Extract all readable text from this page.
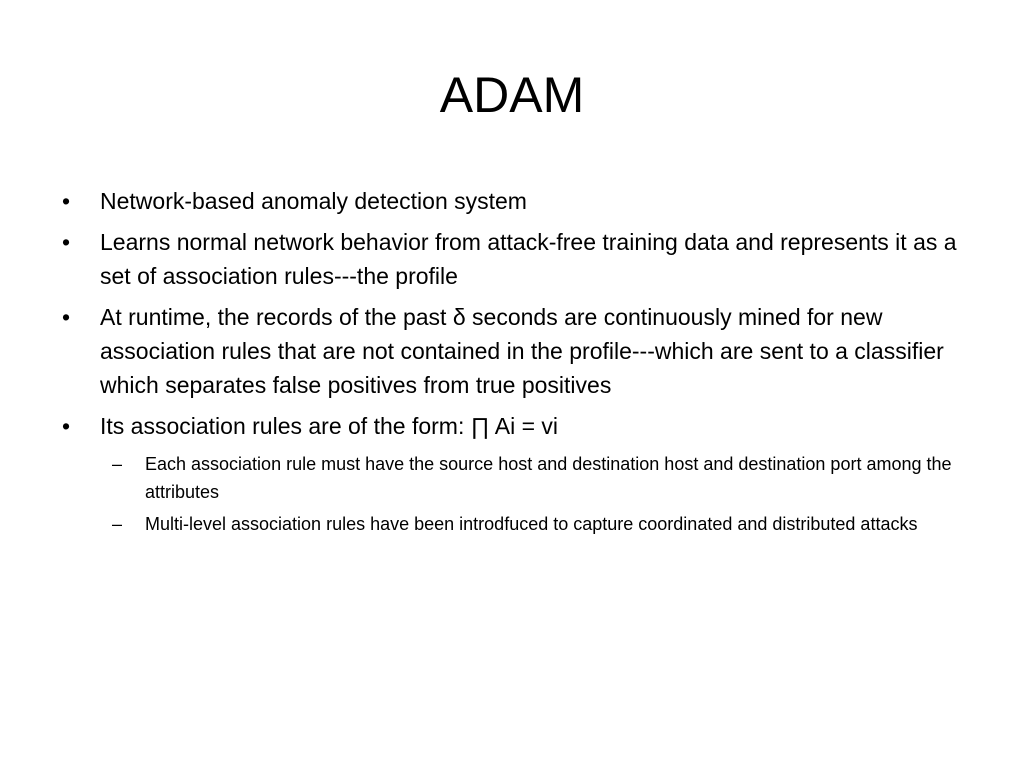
ADAM
•	Network-based anomaly detection system
•	Learns normal network behavior from attack-free training data and represents it as a set of association rules---the profile
•	At runtime, the records of the past δ seconds are continuously mined for new association rules that are not contained in the profile---which are sent to a classifier which separates false positives from true positives
•	Its association rules are of the form: ∏ Ai = vi
– Each association rule must have the source host and destination host and destination port among the attributes
– Multi-level association rules have been introdfuced to capture coordinated and distributed attacks
